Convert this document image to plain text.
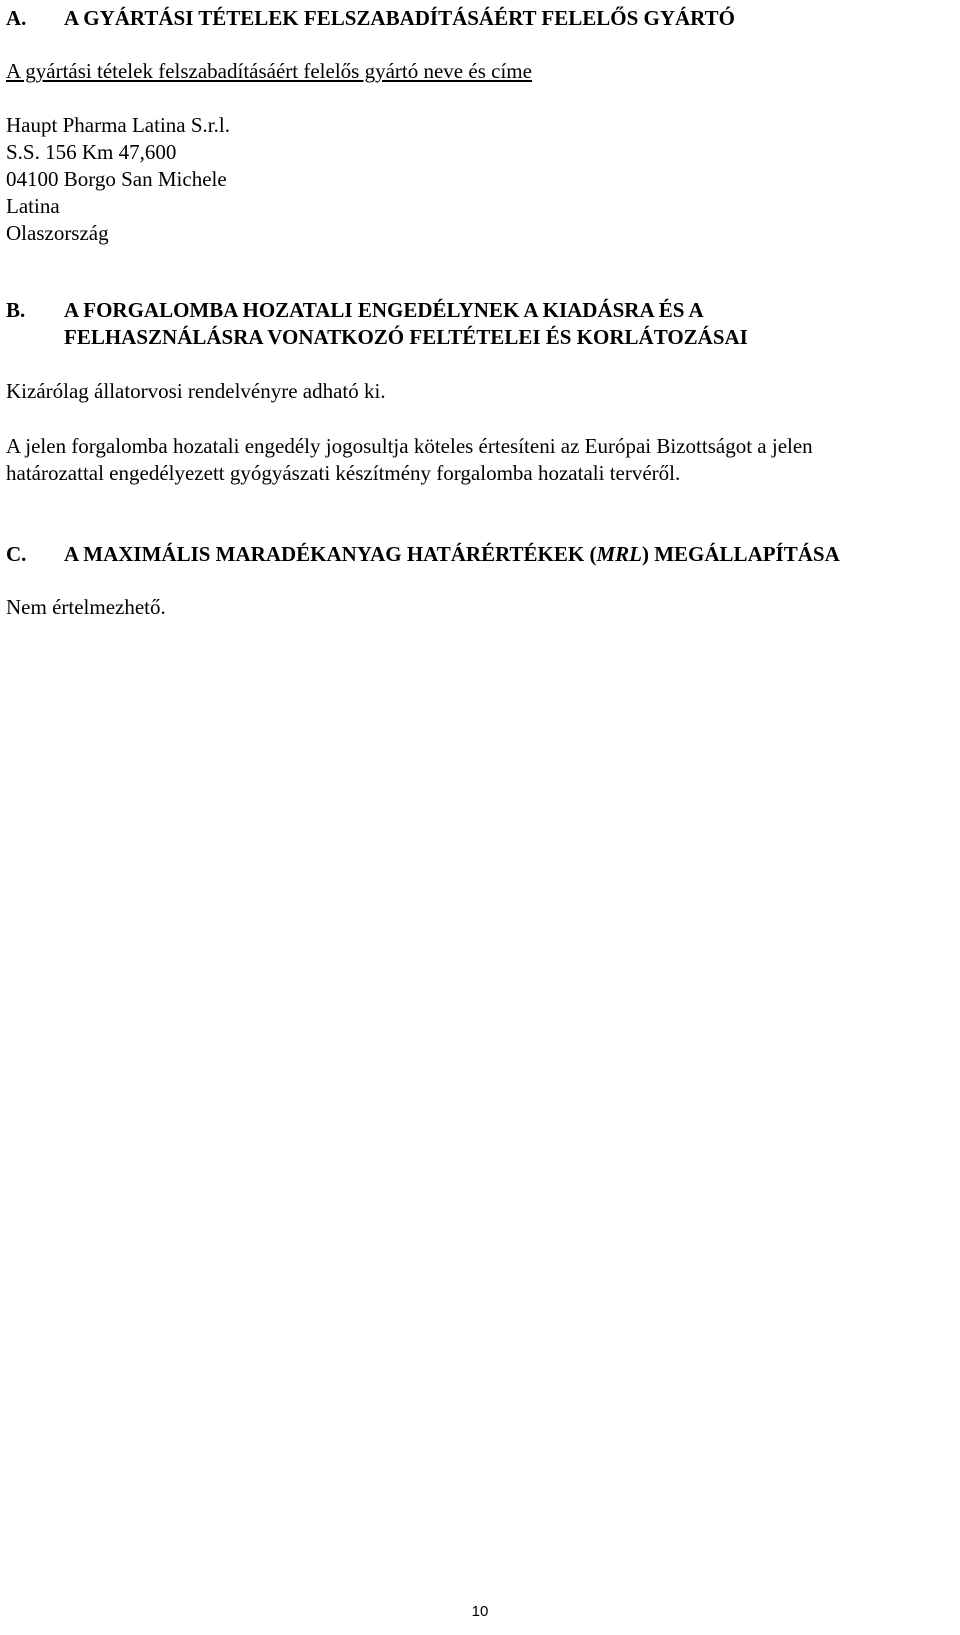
A. A GYÁRTÁSI TÉTELEK FELSZABADÍTÁSÁÉRT FELELŐS GYÁRTÓ
A gyártási tételek felszabadításáért felelős gyártó neve és címe
Haupt Pharma Latina S.r.l.
S.S. 156 Km 47,600
04100 Borgo San Michele
Latina
Olaszország
B. A FORGALOMBA HOZATALI ENGEDÉLYNEK A KIADÁSRA ÉS A
FELHASZNÁLÁSRA VONATKOZÓ FELTÉTELEI ÉS KORLÁTOZÁSAI
Kizárólag állatorvosi rendelvényre adható ki.
A jelen forgalomba hozatali engedély jogosultja köteles értesíteni az Európai Bizottságot a jelen
határozattal engedélyezett gyógyászati készítmény forgalomba hozatali tervéről.
C. A MAXIMÁLIS MARADÉKANYAG HATÁRÉRTÉKEK (MRL) MEGÁLLAPÍTÁSA
Nem értelmezhető.
10
